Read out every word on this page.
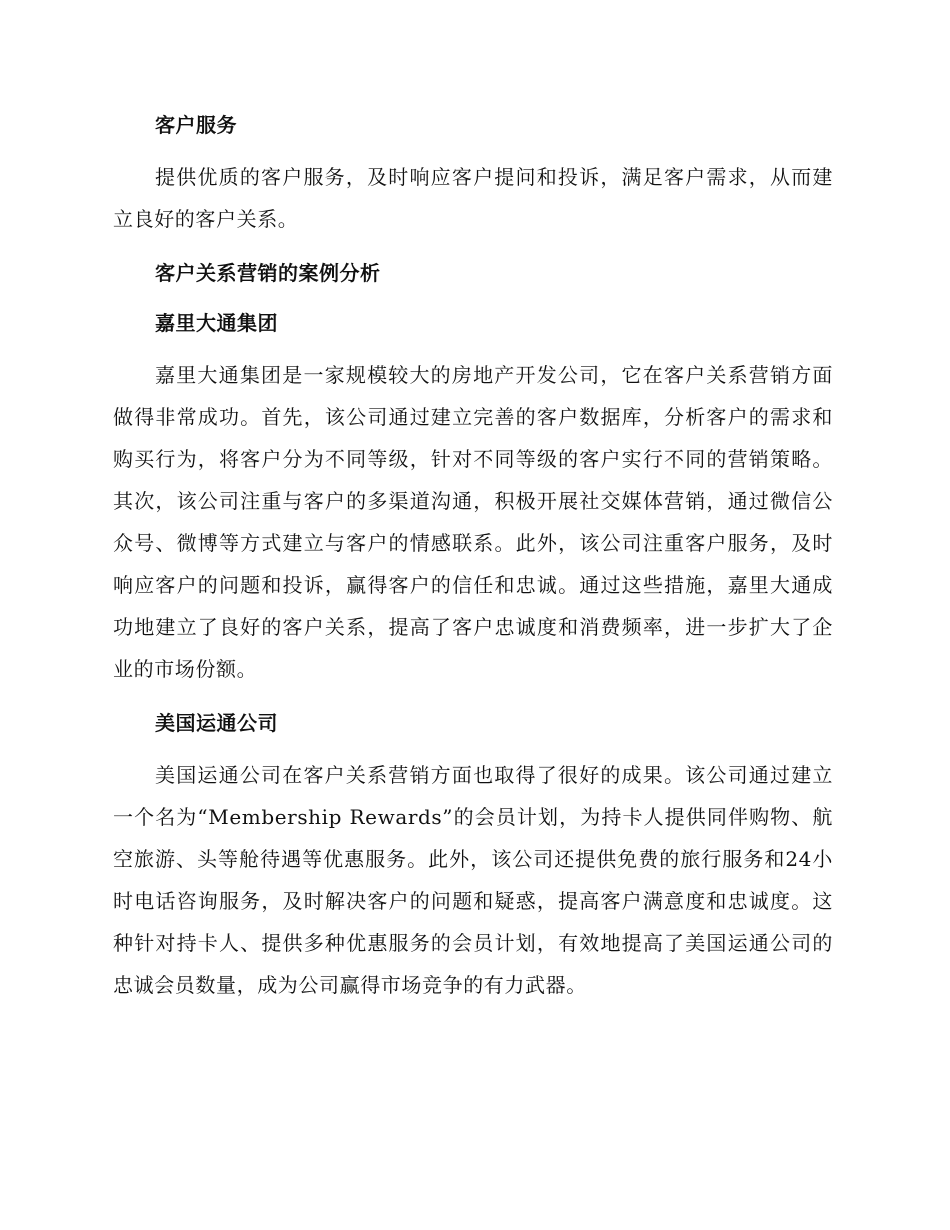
客户服务

提供优质的客户服务，及时响应客户提问和投诉，满足客户需求，从而建立良好的客户关系。

客户关系营销的案例分析
嘉里大通集团

嘉里大通集团是一家规模较大的房地产开发公司，它在客户关系营销方面做得非常成功。首先，该公司通过建立完善的客户数据库，分析客户的需求和购买行为，将客户分为不同等级，针对不同等级的客户实行不同的营销策略。其次，该公司注重与客户的多渠道沟通，积极开展社交媒体营销，通过微信公众号、微博等方式建立与客户的情感联系。此外，该公司注重客户服务，及时响应客户的问题和投诉，赢得客户的信任和忠诚。通过这些措施，嘉里大通成功地建立了良好的客户关系，提高了客户忠诚度和消费频率，进一步扩大了企业的市场份额。

美国运通公司

美国运通公司在客户关系营销方面也取得了很好的成果。该公司通过建立一个名为“Membership Rewards”的会员计划，为持卡人提供同伴购物、航空旅游、头等舱待遇等优惠服务。此外，该公司还提供免费的旅行服务和24小时电话咨询服务，及时解决客户的问题和疑惑，提高客户满意度和忠诚度。这种针对持卡人、提供多种优惠服务的会员计划，有效地提高了美国运通公司的忠诚会员数量，成为公司赢得市场竞争的有力武器。
